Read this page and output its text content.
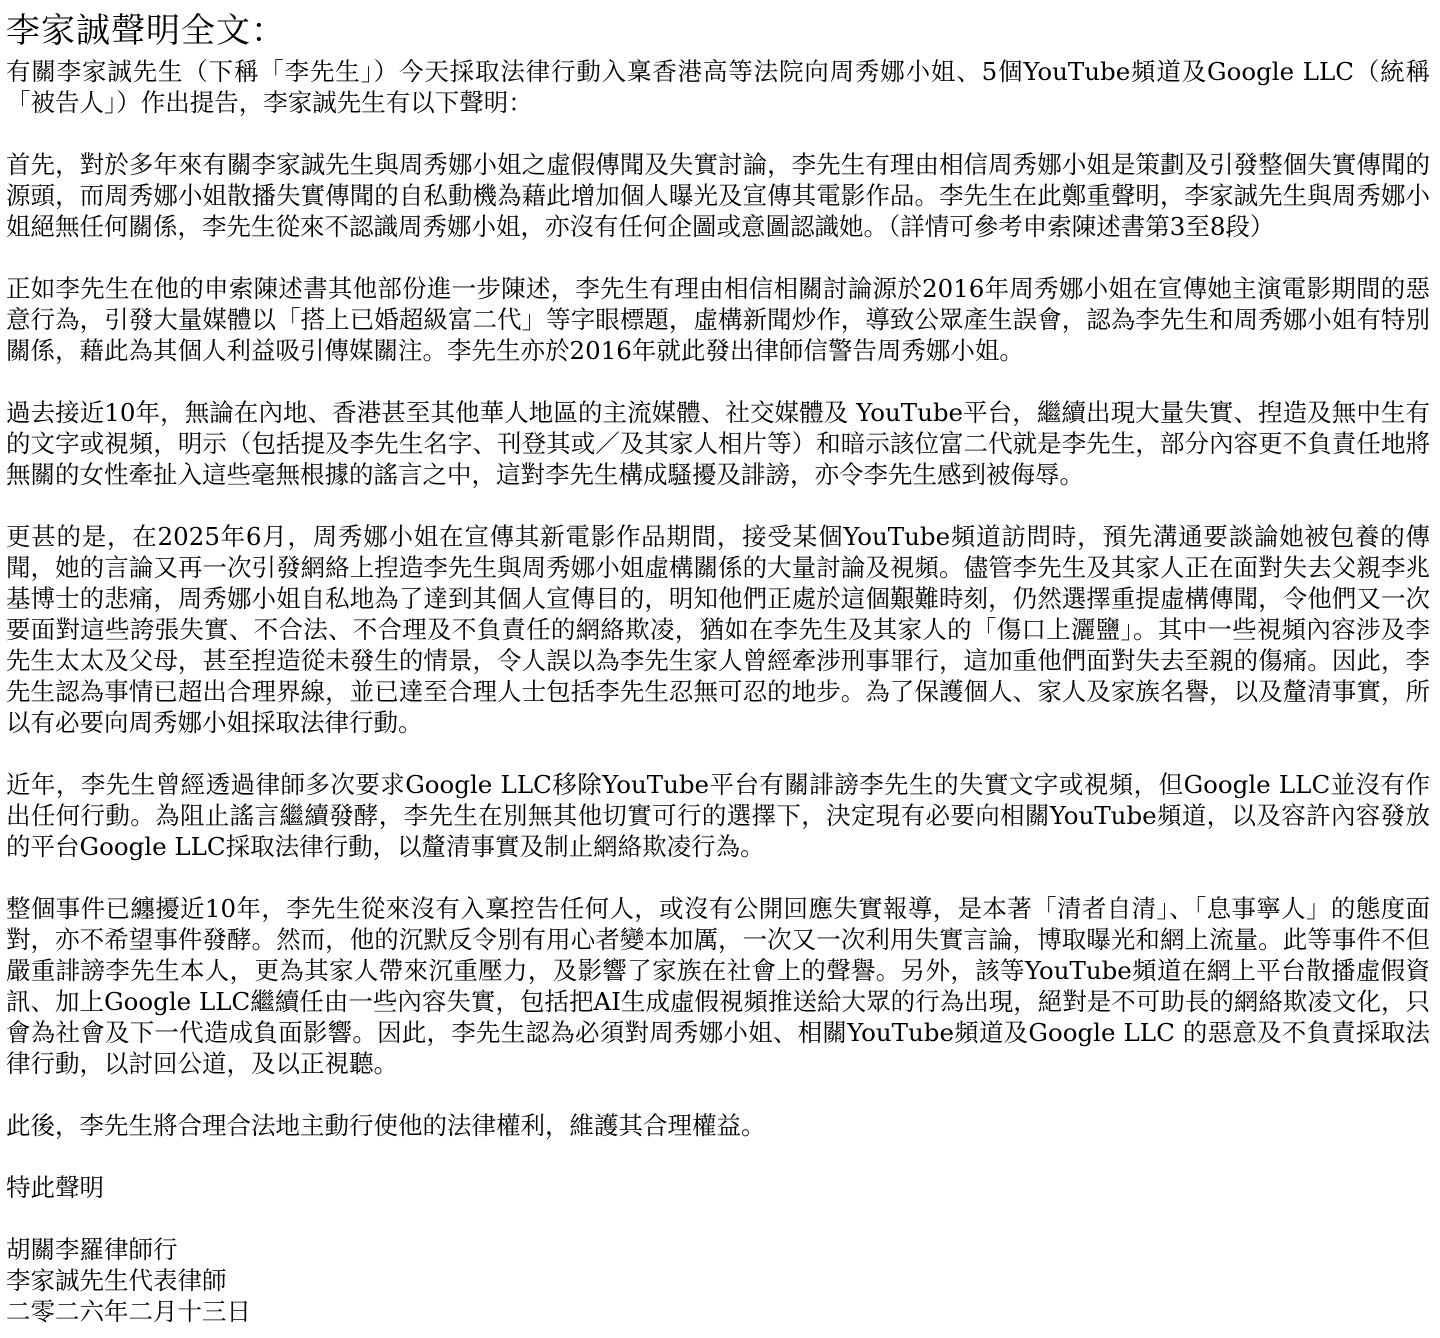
李家誠聲明全文：

有關李家誠先生（下稱「李先生」）今天採取法律行動入稟香港高等法院向周秀娜小姐、5個YouTube頻道及Google LLC（統稱「被告人」）作出提告，李家誠先生有以下聲明：

首先，對於多年來有關李家誠先生與周秀娜小姐之虛假傳聞及失實討論，李先生有理由相信周秀娜小姐是策劃及引發整個失實傳聞的源頭，而周秀娜小姐散播失實傳聞的自私動機為藉此增加個人曝光及宣傳其電影作品。李先生在此鄭重聲明，李家誠先生與周秀娜小姐絕無任何關係，李先生從來不認識周秀娜小姐，亦沒有任何企圖或意圖認識她。（詳情可參考申索陳述書第3至8段）

正如李先生在他的申索陳述書其他部份進一步陳述，李先生有理由相信相關討論源於2016年周秀娜小姐在宣傳她主演電影期間的惡意行為，引發大量媒體以「搭上已婚超級富二代」等字眼標題，虛構新聞炒作，導致公眾產生誤會，認為李先生和周秀娜小姐有特別關係，藉此為其個人利益吸引傳媒關注。李先生亦於2016年就此發出律師信警告周秀娜小姐。

過去接近10年，無論在內地、香港甚至其他華人地區的主流媒體、社交媒體及 YouTube平台，繼續出現大量失實、揑造及無中生有的文字或視頻，明示（包括提及李先生名字、刊登其或／及其家人相片等）和暗示該位富二代就是李先生，部分內容更不負責任地將無關的女性牽扯入這些毫無根據的謠言之中，這對李先生構成騷擾及誹謗，亦令李先生感到被侮辱。

更甚的是，在2025年6月，周秀娜小姐在宣傳其新電影作品期間，接受某個YouTube頻道訪問時，預先溝通要談論她被包養的傳聞，她的言論又再一次引發網絡上揑造李先生與周秀娜小姐虛構關係的大量討論及視頻。儘管李先生及其家人正在面對失去父親李兆基博士的悲痛，周秀娜小姐自私地為了達到其個人宣傳目的，明知他們正處於這個艱難時刻，仍然選擇重提虛構傳聞，令他們又一次要面對這些誇張失實、不合法、不合理及不負責任的網絡欺凌，猶如在李先生及其家人的「傷口上灑鹽」。其中一些視頻內容涉及李先生太太及父母，甚至揑造從未發生的情景，令人誤以為李先生家人曾經牽涉刑事罪行，這加重他們面對失去至親的傷痛。因此，李先生認為事情已超出合理界線，並已達至合理人士包括李先生忍無可忍的地步。為了保護個人、家人及家族名譽，以及釐清事實，所以有必要向周秀娜小姐採取法律行動。

近年，李先生曾經透過律師多次要求Google LLC移除YouTube平台有關誹謗李先生的失實文字或視頻，但Google LLC並沒有作出任何行動。為阻止謠言繼續發酵，李先生在別無其他切實可行的選擇下，決定現有必要向相關YouTube頻道，以及容許內容發放的平台Google LLC採取法律行動，以釐清事實及制止網絡欺凌行為。

整個事件已纏擾近10年，李先生從來沒有入稟控告任何人，或沒有公開回應失實報導，是本著「清者自清」、「息事寧人」的態度面對，亦不希望事件發酵。然而，他的沉默反令別有用心者變本加厲，一次又一次利用失實言論，博取曝光和網上流量。此等事件不但嚴重誹謗李先生本人，更為其家人帶來沉重壓力，及影響了家族在社會上的聲譽。另外，該等YouTube頻道在網上平台散播虛假資訊、加上Google LLC繼續任由一些內容失實，包括把AI生成虛假視頻推送給大眾的行為出現，絕對是不可助長的網絡欺凌文化，只會為社會及下一代造成負面影響。因此，李先生認為必須對周秀娜小姐、相關YouTube頻道及Google LLC 的惡意及不負責採取法律行動，以討回公道，及以正視聽。

此後，李先生將合理合法地主動行使他的法律權利，維護其合理權益。

特此聲明

胡關李羅律師行

李家誠先生代表律師

二零二六年二月十三日
